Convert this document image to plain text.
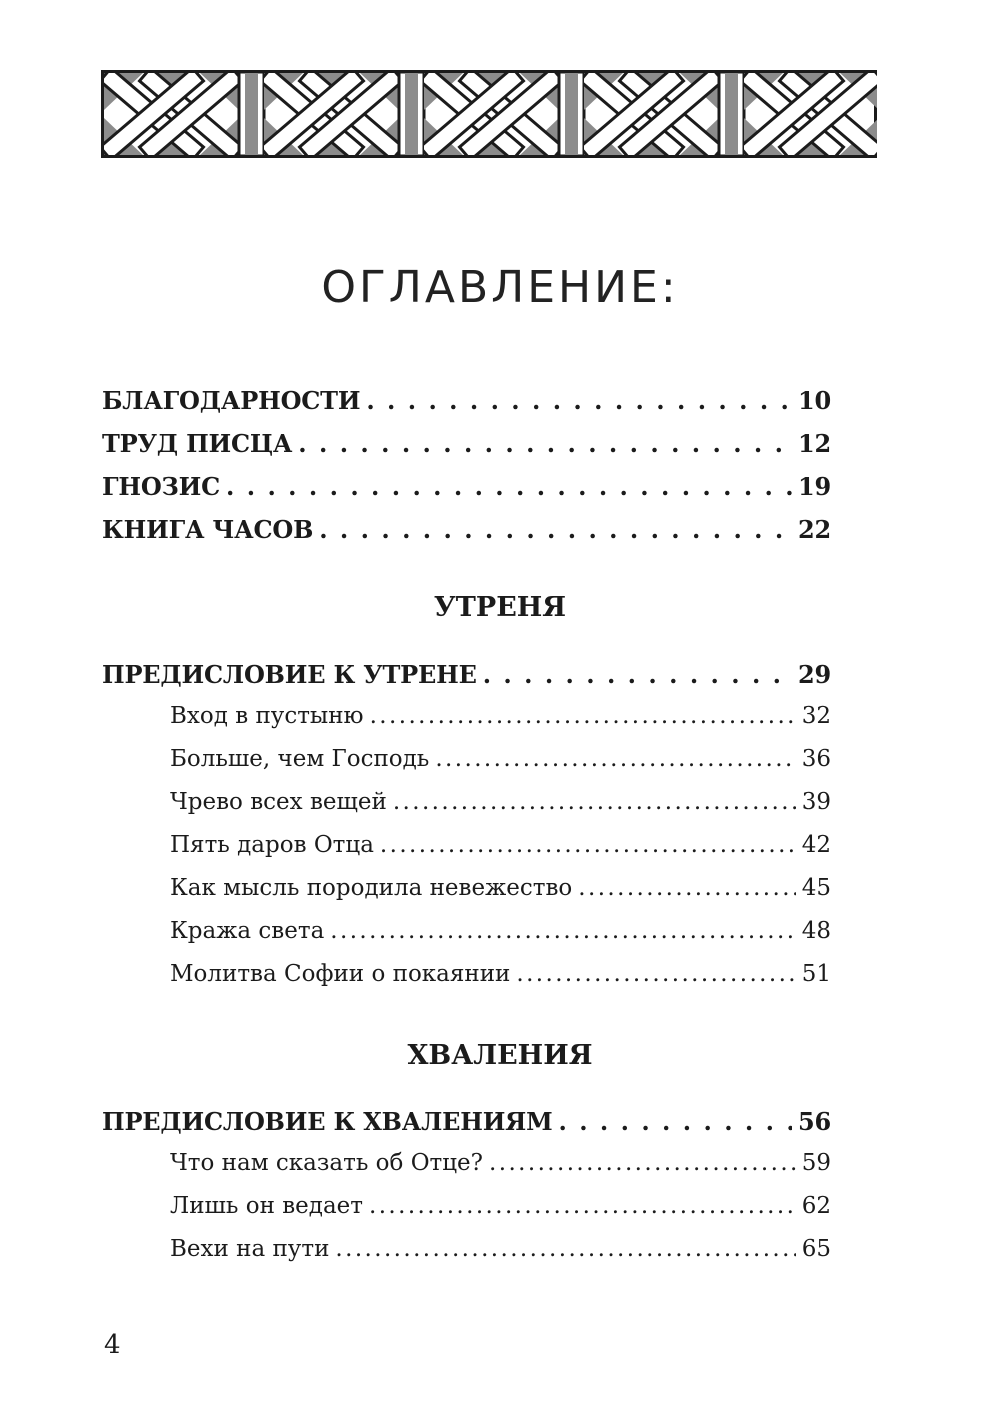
ОГЛАВЛЕНИЕ:
БЛАГОДАРНОСТИ . . .	10
ТРУД ПИСЦА . . .	12
ГНОЗИС . . .	19
КНИГА ЧАСОВ . . .	22
УТРЕНЯ
ПРЕДИСЛОВИЕ К УТРЕНЕ . . .	29
Вход в пустыню .....	32
Больше, чем Господь .....	36
Чрево всех вещей .....	39
Пять даров Отца .....	42
Как мысль породила невежество .....	45
Кража света .....	48
Молитва Софии о покаянии .....	51
ХВАЛЕНИЯ
ПРЕДИСЛОВИЕ К ХВАЛЕНИЯМ . . .	56
Что нам сказать об Отце? .....	59
Лишь он ведает .....	62
Вехи на пути .....	65
4
